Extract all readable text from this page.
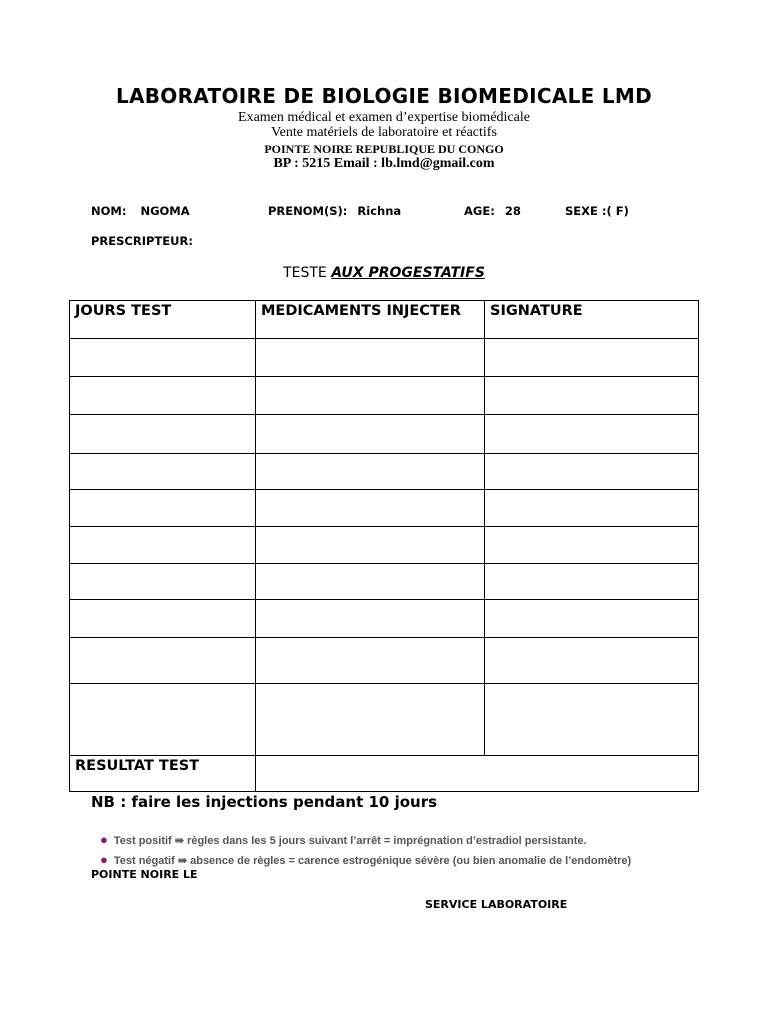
LABORATOIRE DE BIOLOGIE BIOMEDICALE LMD
Examen médical et examen d’expertise biomédicale
Vente matériels de laboratoire et réactifs
POINTE NOIRE REPUBLIQUE DU CONGO
BP : 5215 Email : lb.lmd@gmail.com
NOM: NGOMA	PRENOM(S): Richna	AGE: 28	SEXE :( F)
PRESCRIPTEUR:
TESTE AUX PROGESTATIFS
JOURS TEST	MEDICAMENTS INJECTER	SIGNATURE

RESULTAT TEST		
NB : faire les injections pendant 10 jours
● Test positif ⇛ règles dans les 5 jours suivant l’arrêt = imprégnation d’estradiol persistante.
● Test négatif ⇛ absence de règles = carence estrogénique sévère (ou bien anomalie de l’endomètre)
POINTE NOIRE LE
SERVICE LABORATOIRE
